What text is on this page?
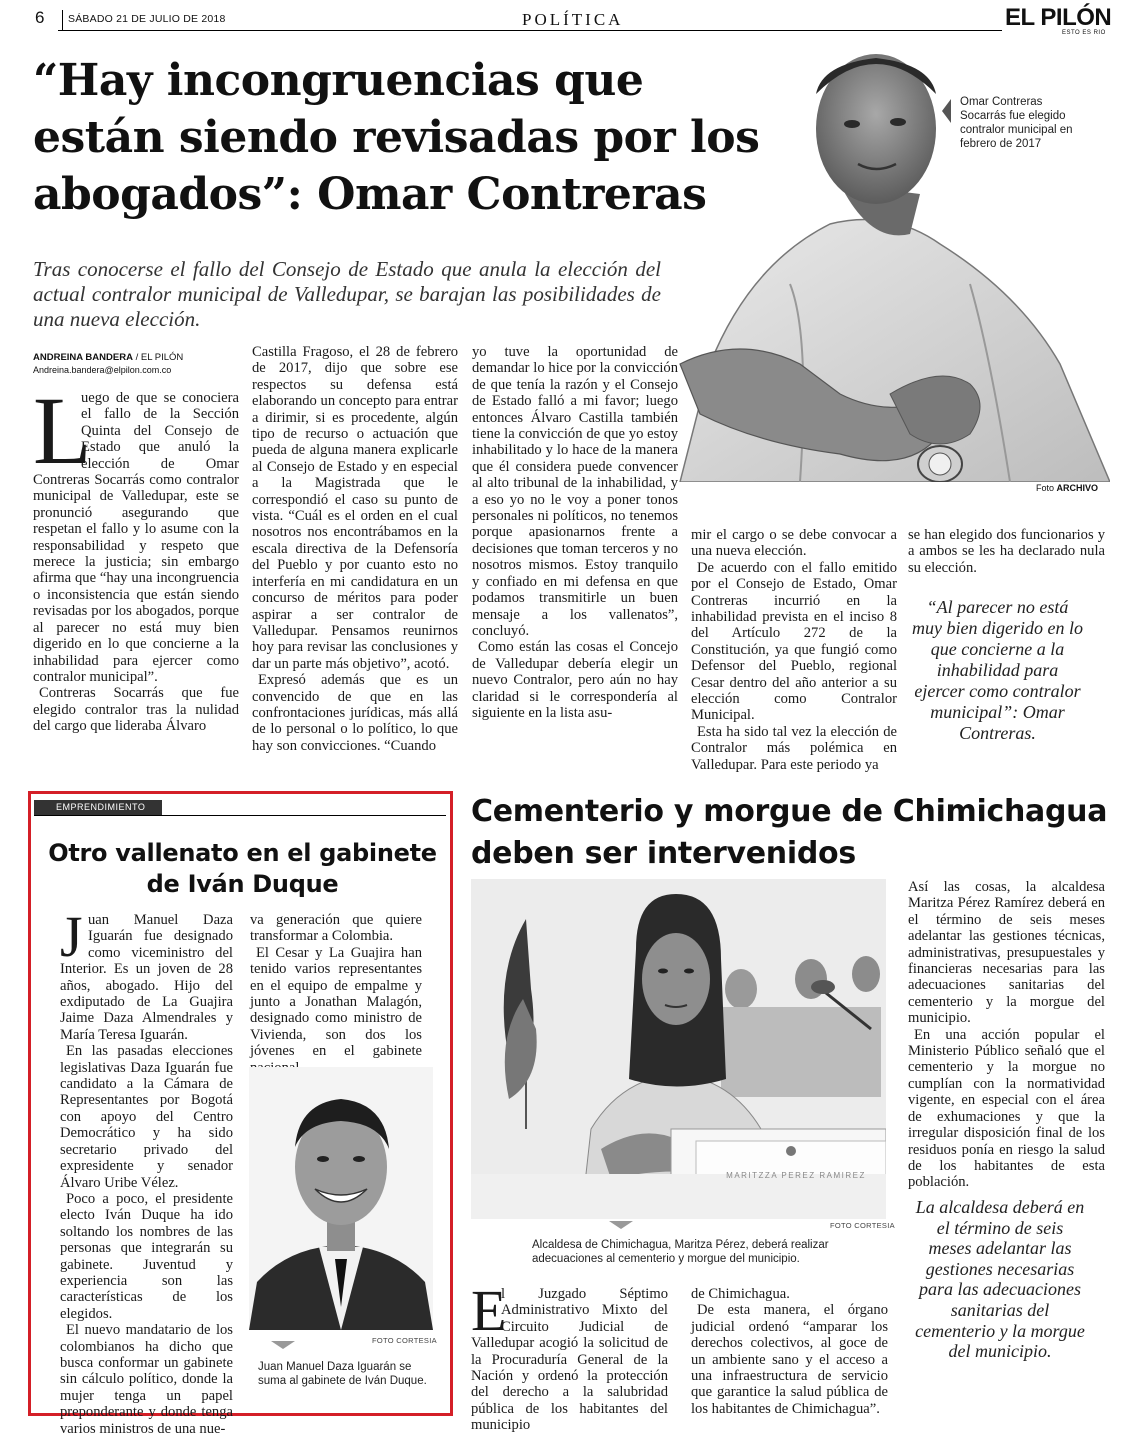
6 SÁBADO 21 DE JULIO DE 2018	POLÍTICA	EL PILÓN
ESTO ES RIO
Omar Contreras Socarrás fue elegido contralor municipal en febrero de 2017
Foto ARCHIVO
“Hay incongruencias que están siendo revisadas por los abogados”: Omar Contreras
Tras conocerse el fallo del Consejo de Estado que anula la elección del actual contralor municipal de Valledupar, se barajan las posibilidades de una nueva elección.
ANDREINA BANDERA / EL PILÓN
Andreina.bandera@elpilon.com.co

L
uego de que se conociera el fallo de la Sección Quinta del Consejo de Estado que anuló la elección de Omar Contreras Socarrás como contralor municipal de Valledupar, este se pronunció asegurando que respetan el fallo y lo asume con la responsabilidad y respeto que merece la justicia; sin embargo afirma que “hay una incongruencia o inconsistencia que están siendo revisadas por los abogados, porque al parecer no está muy bien digerido en lo que concierne a la inhabilidad para ejercer como contralor municipal”.

Contreras Socarrás que fue elegido contralor tras la nulidad del cargo que lideraba Álvaro

Castilla Fragoso, el 28 de febrero de 2017, dijo que sobre ese respectos su defensa está elaborando un concepto para entrar a dirimir, si es procedente, algún tipo de recurso o actuación que pueda de alguna manera explicarle al Consejo de Estado y en especial a la Magistrada que le correspondió el caso su punto de vista. “Cuál es el orden en el cual nosotros nos encontrábamos en la escala directiva de la Defensoría del Pueblo y por cuanto esto no interfería en mi candidatura en un concurso de méritos para poder aspirar a ser contralor de Valledupar. Pensamos reunirnos hoy para revisar las conclusiones y dar un parte más objetivo”, acotó.

Expresó además que es un convencido de que en las confrontaciones jurídicas, más allá de lo personal o lo político, lo que hay son convicciones. “Cuando

yo tuve la oportunidad de demandar lo hice por la convicción de que tenía la razón y el Consejo de Estado falló a mi favor; luego entonces Álvaro Castilla también tiene la convicción de que yo estoy inhabilitado y lo hace de la manera que él considera puede convencer al alto tribunal de la inhabilidad, y a eso yo no le voy a poner tonos personales ni políticos, no tenemos porque apasionarnos frente a decisiones que toman terceros y no nosotros mismos. Estoy tranquilo y confiado en mi defensa en que podamos transmitirle un buen mensaje a los vallenatos”, concluyó.

Como están las cosas el Concejo de Valledupar debería elegir un nuevo Contralor, pero aún no hay claridad si le correspondería al siguiente en la lista asu-

mir el cargo o se debe convocar a una nueva elección.

De acuerdo con el fallo emitido por el Consejo de Estado, Omar Contreras incurrió en la inhabilidad prevista en el inciso 8 del Artículo 272 de la Constitución, ya que fungió como Defensor del Pueblo, regional Cesar dentro del año anterior a su elección como Contralor Municipal.

Esta ha sido tal vez la elección de Contralor más polémica en Valledupar. Para este periodo ya

se han elegido dos funcionarios y a ambos se les ha declarado nula su elección.

“Al parecer no está muy bien digerido en lo que concierne a la inhabilidad para ejercer como contralor municipal”: Omar Contreras.
EMPRENDIMIENTO
Otro vallenato en el gabinete de Iván Duque

Juan Manuel Daza Iguarán fue designado como viceministro del Interior. Es un joven de 28 años, abogado. Hijo del exdiputado de La Guajira Jaime Daza Almendrales y María Teresa Iguarán.

En las pasadas elecciones legislativas Daza Iguarán fue candidato a la Cámara de Representantes por Bogotá con apoyo del Centro Democrático y ha sido secretario privado del expresidente y senador Álvaro Uribe Vélez.

Poco a poco, el presidente electo Iván Duque ha ido soltando los nombres de las personas que integrarán su gabinete. Juventud y experiencia son las características de los elegidos.

El nuevo mandatario de los colombianos ha dicho que busca conformar un gabinete sin cálculo político, donde la mujer tenga un papel preponderante y donde tenga varios ministros de una nue-

va generación que quiere transformar a Colombia.

El Cesar y La Guajira han tenido varios representantes en el equipo de empalme y junto a Jonathan Malagón, designado como ministro de Vivienda, son dos los jóvenes en el gabinete

FOTO CORTESIA
Juan Manuel Daza Iguarán se suma al gabinete de Iván Duque.
Cementerio y morgue de Chimichagua deben ser intervenidos
MARITZZA PEREZ RAMIREZ
FOTO CORTESIA
Alcaldesa de Chimichagua, Maritza Pérez, deberá realizar adecuaciones al cementerio y morgue del municipio.

E
l Juzgado Séptimo Administrativo Mixto del Circuito Judicial de Valledupar acogió la solicitud de la Procuraduría General de la Nación y ordenó la protección del derecho a la salubridad pública de los habitantes del municipio

de Chimichagua.

De esta manera, el órgano judicial ordenó “amparar los derechos colectivos, al goce de un ambiente sano y el acceso a una infraestructura de servicio que garantice la salud pública de los habitantes de Chimichagua”.

Así las cosas, la alcaldesa Maritza Pérez Ramírez deberá en el término de seis meses adelantar las gestiones técnicas, administrativas, presupuestales y financieras necesarias para las adecuaciones sanitarias del cementerio y la morgue del municipio.

En una acción popular el Ministerio Público señaló que el cementerio y la morgue no cumplían con la normatividad vigente, en especial con el área de exhumaciones y que la irregular disposición final de los residuos ponía en riesgo la salud de los habitantes de esta población.

La alcaldesa deberá en el término de seis meses adelantar las gestiones necesarias para las adecuaciones sanitarias del cementerio y la morgue del municipio.
